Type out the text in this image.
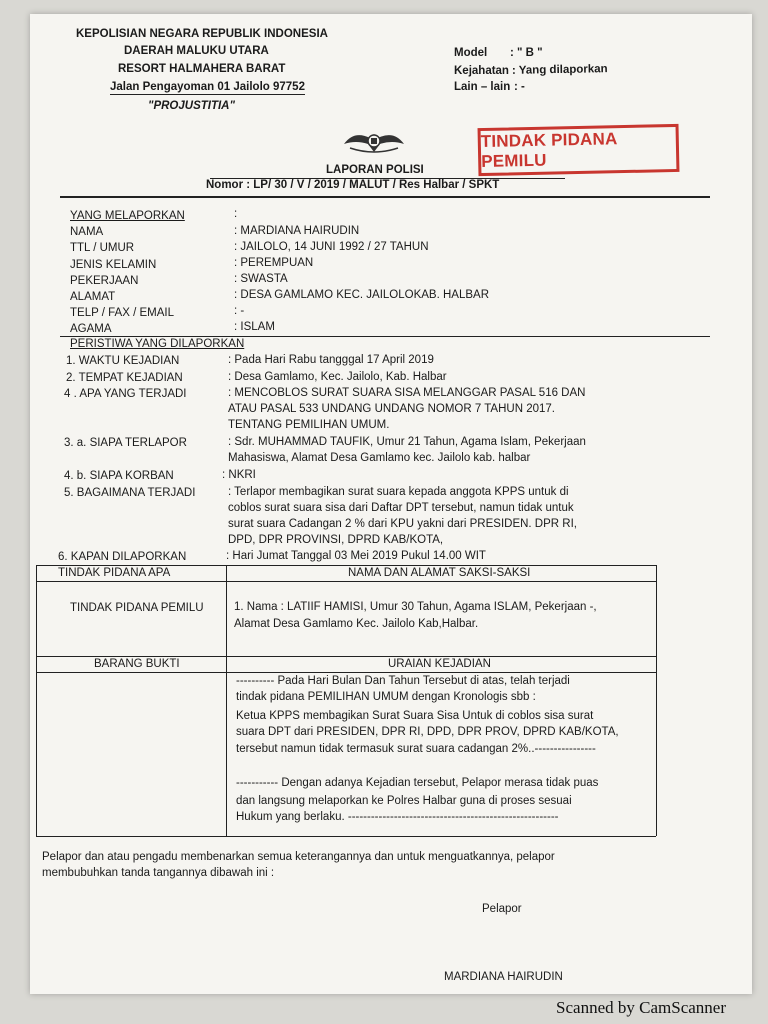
KEPOLISIAN NEGARA REPUBLIK INDONESIA
DAERAH MALUKU UTARA
RESORT HALMAHERA BARAT
Jalan Pengayoman 01 Jailolo 97752
"PROJUSTITIA"
Model : " B "
Kejahatan : Yang dilaporkan
Lain – lain : -
TINDAK PIDANA PEMILU
LAPORAN POLISI
Nomor : LP/ 30 / V / 2019 / MALUT / Res Halbar / SPKT
YANG MELAPORKAN	:
NAMA	: MARDIANA HAIRUDIN
TTL / UMUR	: JAILOLO, 14 JUNI 1992 / 27 TAHUN
JENIS KELAMIN	: PEREMPUAN
PEKERJAAN	: SWASTA
ALAMAT	: DESA GAMLAMO KEC. JAILOLOKAB. HALBAR
TELP / FAX / EMAIL	: -
AGAMA	: ISLAM
PERISTIWA YANG DILAPORKAN
1. WAKTU KEJADIAN	: Pada Hari Rabu tangggal 17 April 2019
2. TEMPAT KEJADIAN	: Desa Gamlamo, Kec. Jailolo, Kab. Halbar
4 . APA YANG TERJADI	: MENCOBLOS SURAT SUARA SISA MELANGGAR PASAL 516 DAN
ATAU PASAL 533 UNDANG UNDANG NOMOR 7 TAHUN 2017.
TENTANG PEMILIHAN UMUM.
3. a. SIAPA TERLAPOR	: Sdr. MUHAMMAD TAUFIK, Umur 21 Tahun, Agama Islam, Pekerjaan
Mahasiswa, Alamat Desa Gamlamo kec. Jailolo kab. halbar
4. b. SIAPA KORBAN	: NKRI
5. BAGAIMANA TERJADI	: Terlapor membagikan surat suara kepada anggota KPPS untuk di
coblos surat suara sisa dari Daftar DPT tersebut, namun tidak untuk
surat suara Cadangan 2 % dari KPU yakni dari PRESIDEN. DPR RI,
DPD, DPR PROVINSI, DPRD KAB/KOTA,
6. KAPAN DILAPORKAN	: Hari Jumat Tanggal 03 Mei 2019 Pukul 14.00 WIT
TINDAK PIDANA APA	NAMA DAN ALAMAT SAKSI-SAKSI
TINDAK PIDANA PEMILU	1. Nama : LATIIF HAMISI, Umur 30 Tahun, Agama ISLAM, Pekerjaan -,
Alamat Desa Gamlamo Kec. Jailolo Kab,Halbar.
BARANG BUKTI	URAIAN KEJADIAN
---------- Pada Hari Bulan Dan Tahun Tersebut di atas, telah terjadi
tindak pidana PEMILIHAN UMUM dengan Kronologis sbb :
Ketua KPPS membagikan Surat Suara Sisa Untuk di coblos sisa surat
suara DPT dari PRESIDEN, DPR RI, DPD, DPR PROV, DPRD KAB/KOTA,
tersebut namun tidak termasuk surat suara cadangan 2%..----------------
----------- Dengan adanya Kejadian tersebut, Pelapor merasa tidak puas
dan langsung melaporkan ke Polres Halbar guna di proses sesuai
Hukum yang berlaku. -------------------------------------------------------
Pelapor dan atau pengadu membenarkan semua keterangannya dan untuk menguatkannya, pelapor
membubuhkan tanda tangannya dibawah ini :
Pelapor
MARDIANA HAIRUDIN
Scanned by CamScanner
